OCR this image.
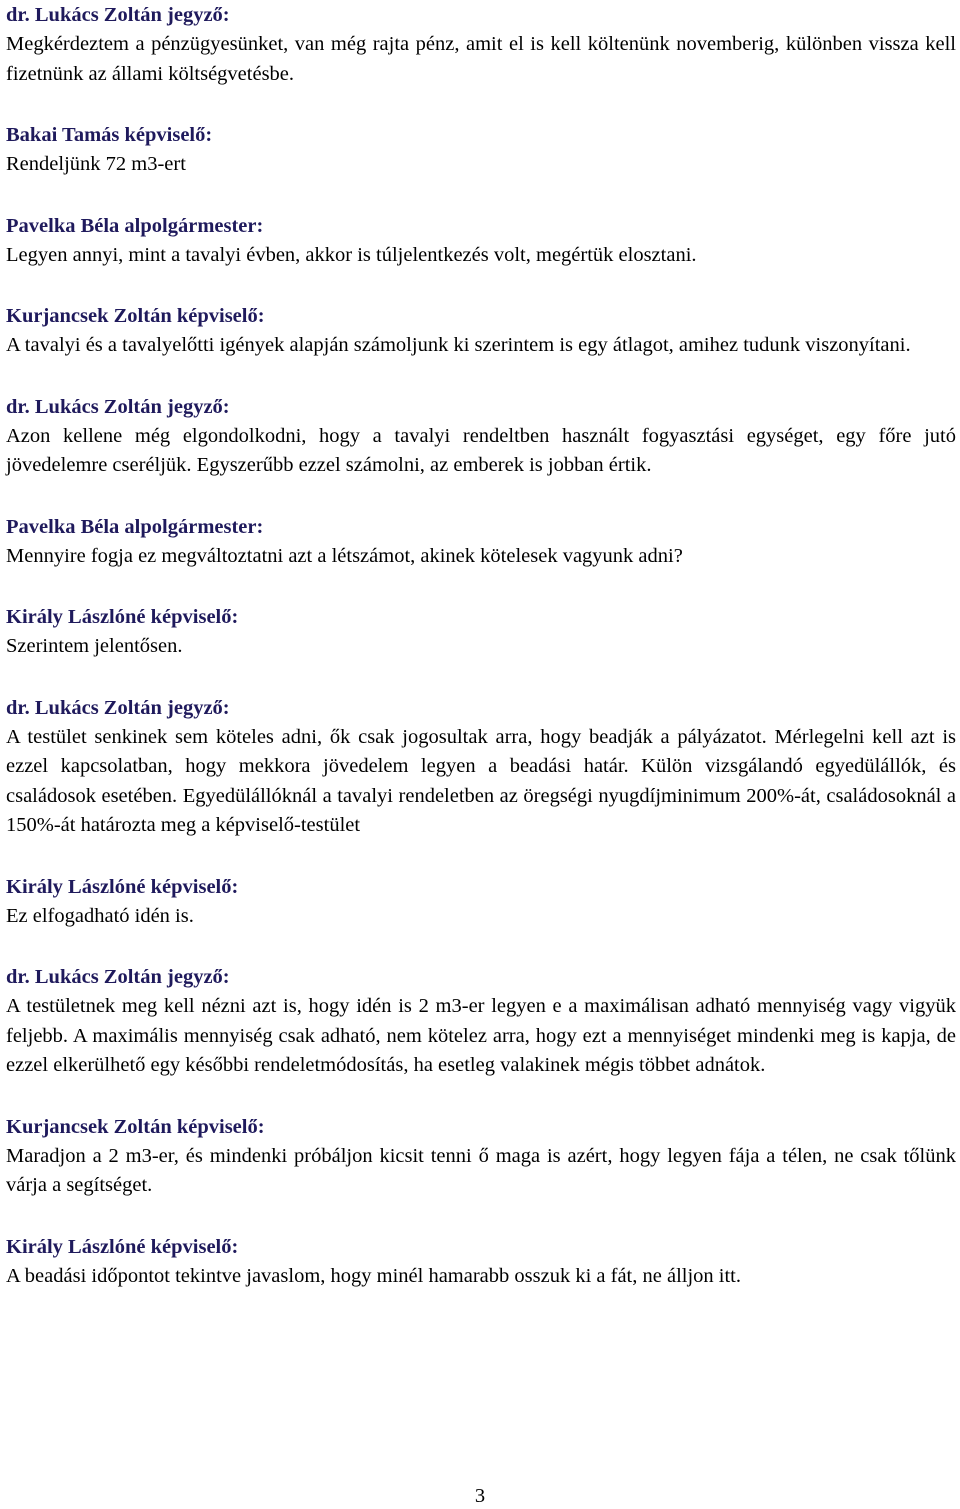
dr. Lukács Zoltán jegyző:

Megkérdeztem a pénzügyesünket, van még rajta pénz, amit el is kell költenünk novemberig, különben vissza kell fizetnünk az állami költségvetésbe.

Bakai Tamás képviselő:

Rendeljünk 72 m3-ert

Pavelka Béla alpolgármester:

Legyen annyi, mint a tavalyi évben, akkor is túljelentkezés volt, megértük elosztani.

Kurjancsek Zoltán képviselő:

A tavalyi és a tavalyelőtti igények alapján számoljunk ki szerintem is egy átlagot, amihez tudunk viszonyítani.

dr. Lukács Zoltán jegyző:

Azon kellene még elgondolkodni, hogy a tavalyi rendeltben használt fogyasztási egységet, egy főre jutó jövedelemre cseréljük. Egyszerűbb ezzel számolni, az emberek is jobban értik.

Pavelka Béla alpolgármester:

Mennyire fogja ez megváltoztatni azt a létszámot, akinek kötelesek vagyunk adni?

Király Lászlóné képviselő:

Szerintem jelentősen.

dr. Lukács Zoltán jegyző:

A testület senkinek sem köteles adni, ők csak jogosultak arra, hogy beadják a pályázatot. Mérlegelni kell azt is ezzel kapcsolatban, hogy mekkora jövedelem legyen a beadási határ. Külön vizsgálandó egyedülállók, és családosok esetében. Egyedülállóknál a tavalyi rendeletben az öregségi nyugdíjminimum 200%-át, családosoknál a 150%-át határozta meg a képviselő-testület

Király Lászlóné képviselő:

Ez elfogadható idén is.

dr. Lukács Zoltán jegyző:

A testületnek meg kell nézni azt is, hogy idén is 2 m3-er legyen e a maximálisan adható mennyiség vagy vigyük feljebb. A maximális mennyiség csak adható, nem kötelez arra, hogy ezt a mennyiséget mindenki meg is kapja, de ezzel elkerülhető egy későbbi rendeletmódosítás, ha esetleg valakinek mégis többet adnátok.

Kurjancsek Zoltán képviselő:

Maradjon a 2 m3-er, és mindenki próbáljon kicsit tenni ő maga is azért, hogy legyen fája a télen, ne csak tőlünk várja a segítséget.

Király Lászlóné képviselő:

A beadási időpontot tekintve javaslom, hogy minél hamarabb osszuk ki a fát, ne álljon itt.

3
